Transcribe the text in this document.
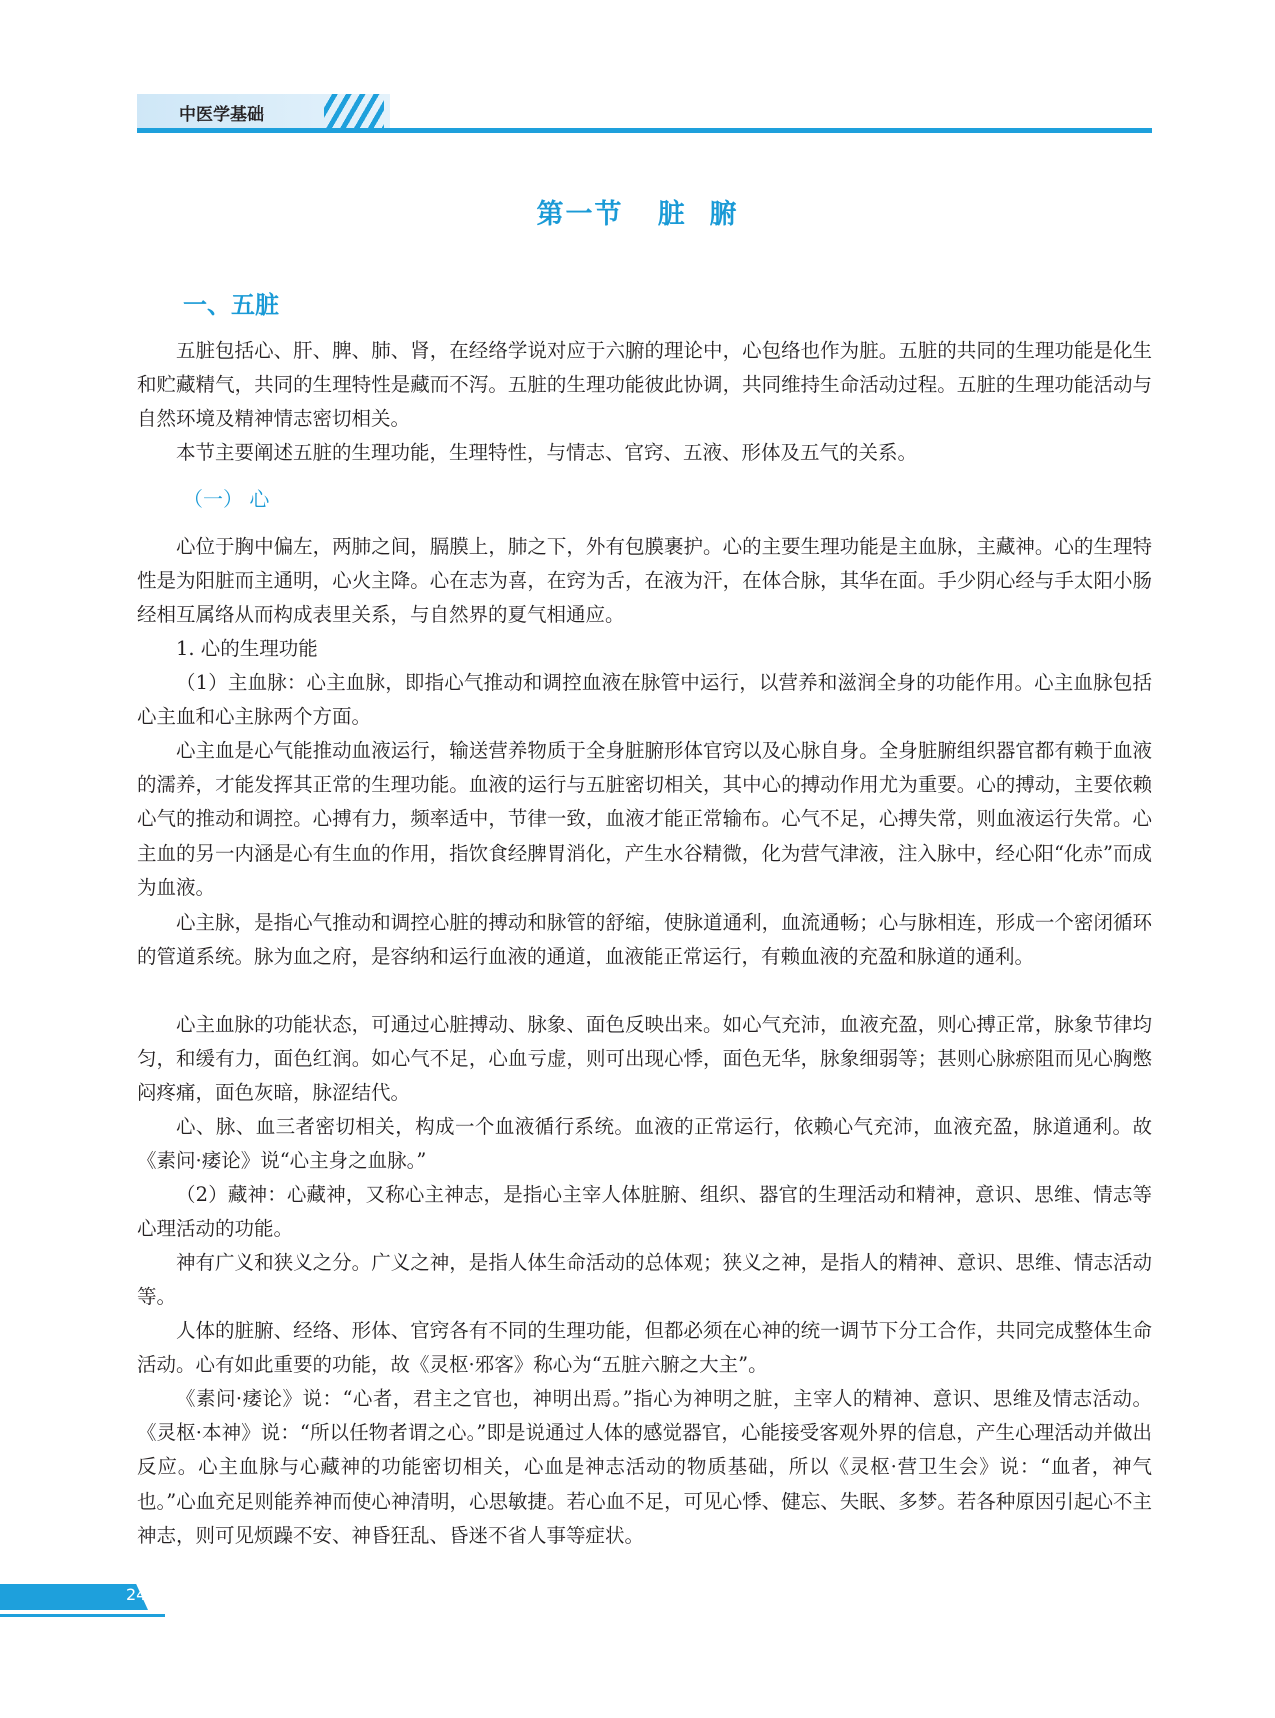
中医学基础
第一节   脏  腑
一、五脏

五脏包括心、肝、脾、肺、肾，在经络学说对应于六腑的理论中，心包络也作为脏。五脏的共同的生理功能是化生和贮藏精气，共同的生理特性是藏而不泻。五脏的生理功能彼此协调，共同维持生命活动过程。五脏的生理功能活动与自然环境及精神情志密切相关。

本节主要阐述五脏的生理功能，生理特性，与情志、官窍、五液、形体及五气的关系。

（一） 心

心位于胸中偏左，两肺之间，膈膜上，肺之下，外有包膜裹护。心的主要生理功能是主血脉，主藏神。心的生理特性是为阳脏而主通明，心火主降。心在志为喜，在窍为舌，在液为汗，在体合脉，其华在面。手少阴心经与手太阳小肠经相互属络从而构成表里关系，与自然界的夏气相通应。

1. 心的生理功能

（1）主血脉：心主血脉，即指心气推动和调控血液在脉管中运行，以营养和滋润全身的功能作用。心主血脉包括心主血和心主脉两个方面。

心主血是心气能推动血液运行，输送营养物质于全身脏腑形体官窍以及心脉自身。全身脏腑组织器官都有赖于血液的濡养，才能发挥其正常的生理功能。血液的运行与五脏密切相关，其中心的搏动作用尤为重要。心的搏动，主要依赖心气的推动和调控。心搏有力，频率适中，节律一致，血液才能正常输布。心气不足，心搏失常，则血液运行失常。心主血的另一内涵是心有生血的作用，指饮食经脾胃消化，产生水谷精微，化为营气津液，注入脉中，经心阳“化赤”而成为血液。

心主脉，是指心气推动和调控心脏的搏动和脉管的舒缩，使脉道通利，血流通畅；心与脉相连，形成一个密闭循环的管道系统。脉为血之府，是容纳和运行血液的通道，血液能正常运行，有赖血液的充盈和脉道的通利。

心主血脉的功能状态，可通过心脏搏动、脉象、面色反映出来。如心气充沛，血液充盈，则心搏正常，脉象节律均匀，和缓有力，面色红润。如心气不足，心血亏虚，则可出现心悸，面色无华，脉象细弱等；甚则心脉瘀阻而见心胸憋闷疼痛，面色灰暗，脉涩结代。

心、脉、血三者密切相关，构成一个血液循行系统。血液的正常运行，依赖心气充沛，血液充盈，脉道通利。故《素问·痿论》说“心主身之血脉。”

（2）藏神：心藏神，又称心主神志，是指心主宰人体脏腑、组织、器官的生理活动和精神，意识、思维、情志等心理活动的功能。

神有广义和狭义之分。广义之神，是指人体生命活动的总体观；狭义之神，是指人的精神、意识、思维、情志活动等。

人体的脏腑、经络、形体、官窍各有不同的生理功能，但都必须在心神的统一调节下分工合作，共同完成整体生命活动。心有如此重要的功能，故《灵枢·邪客》称心为“五脏六腑之大主”。

《素问·痿论》说：“心者，君主之官也，神明出焉。”指心为神明之脏，主宰人的精神、意识、思维及情志活动。《灵枢·本神》说：“所以任物者谓之心。”即是说通过人体的感觉器官，心能接受客观外界的信息，产生心理活动并做出反应。心主血脉与心藏神的功能密切相关，心血是神志活动的物质基础，所以《灵枢·营卫生会》说：“血者，神气也。”心血充足则能养神而使心神清明，心思敏捷。若心血不足，可见心悸、健忘、失眠、多梦。若各种原因引起心不主神志，则可见烦躁不安、神昏狂乱、昏迷不省人事等症状。

24
